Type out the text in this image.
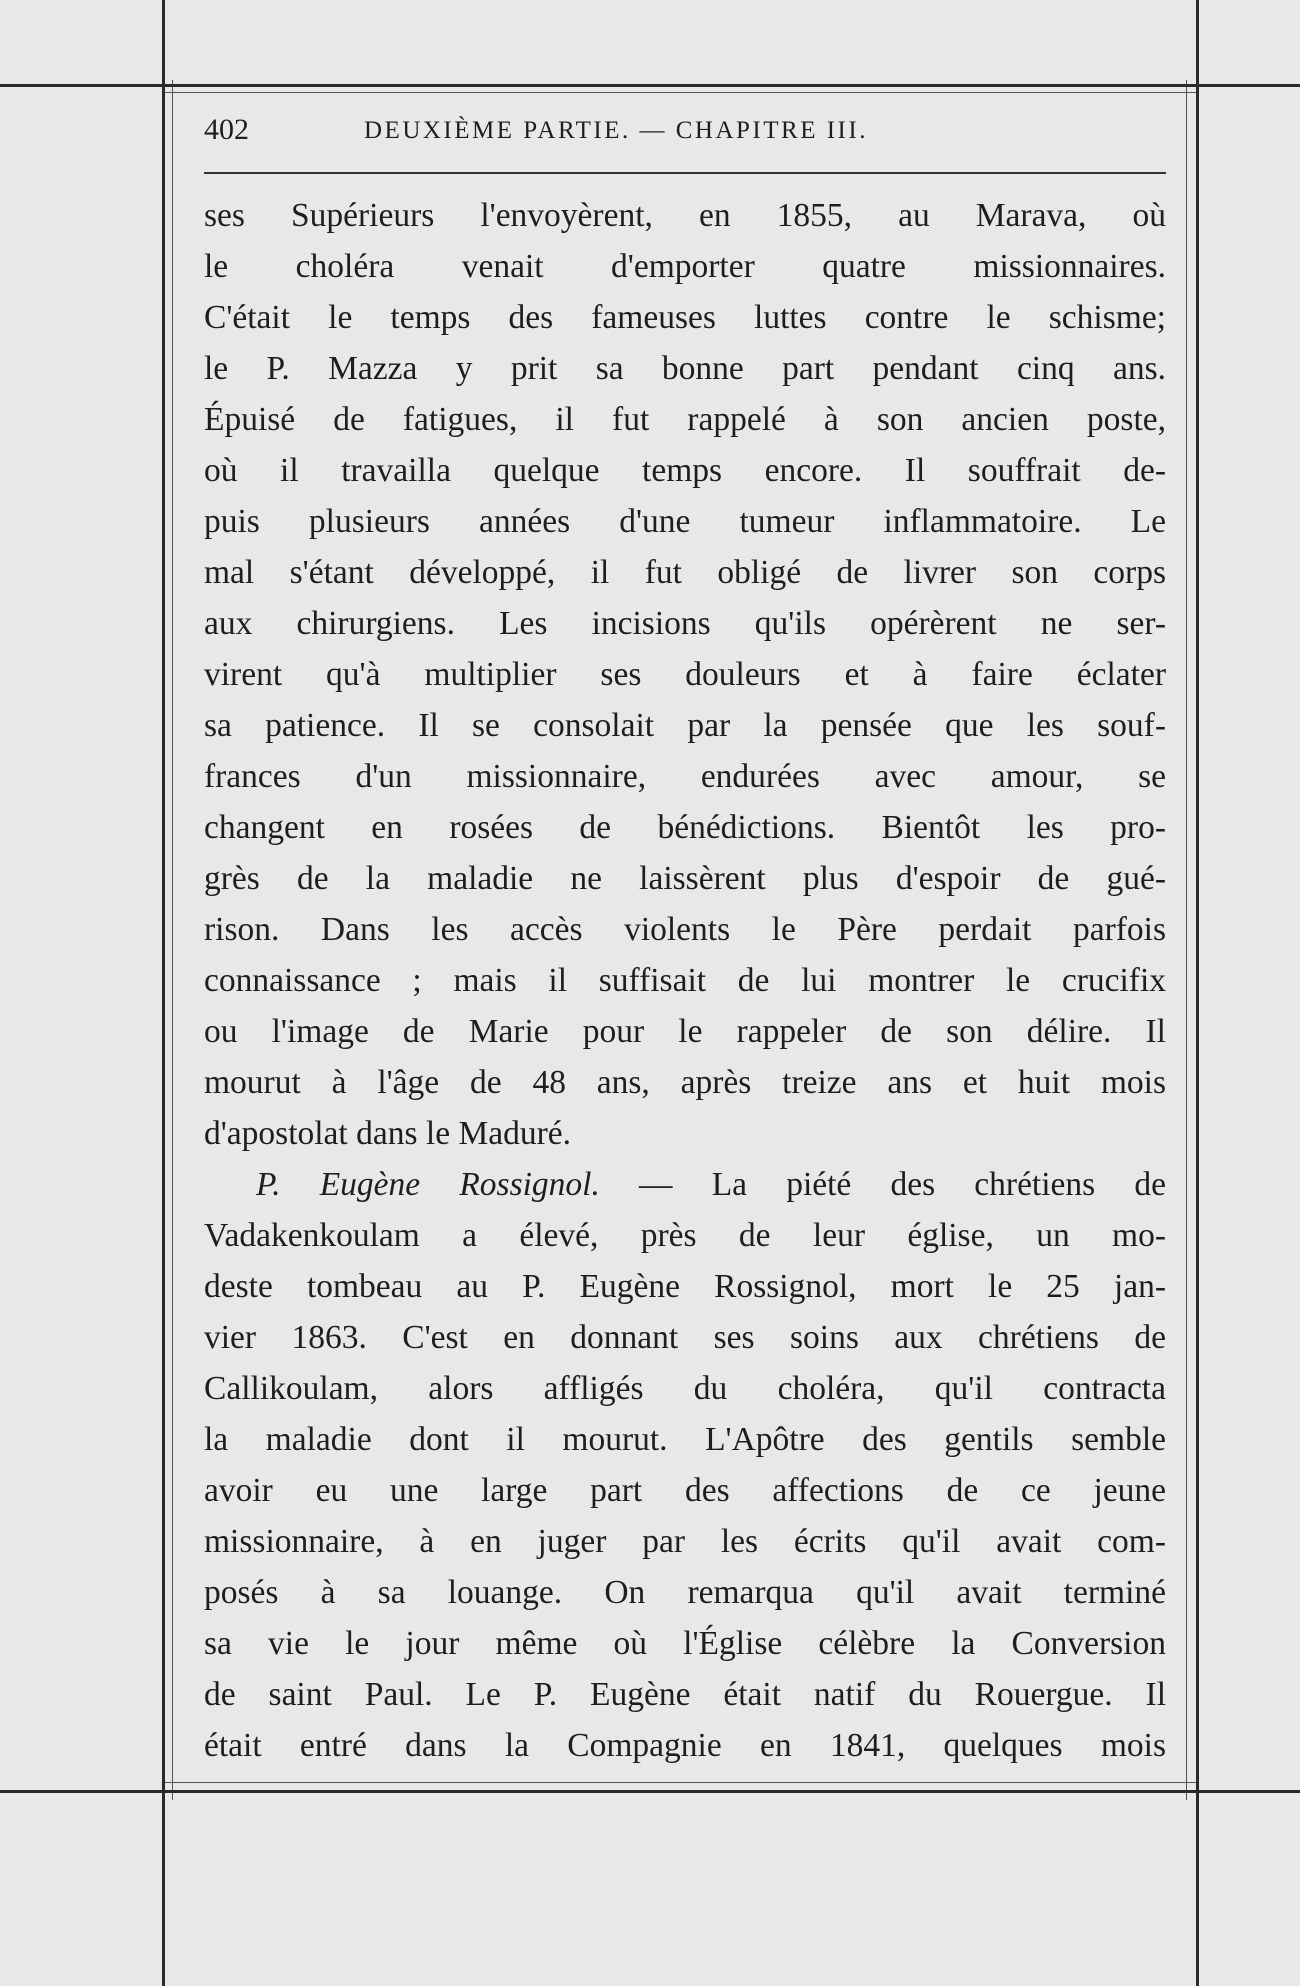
402	DEUXIÈME PARTIE. — CHAPITRE III.
ses Supérieurs l'envoyèrent, en 1855, au Marava, où
le choléra venait d'emporter quatre missionnaires.
C'était le temps des fameuses luttes contre le schisme;
le P. Mazza y prit sa bonne part pendant cinq ans.
Épuisé de fatigues, il fut rappelé à son ancien poste,
où il travailla quelque temps encore. Il souffrait de-
puis plusieurs années d'une tumeur inflammatoire. Le
mal s'étant développé, il fut obligé de livrer son corps
aux chirurgiens. Les incisions qu'ils opérèrent ne ser-
virent qu'à multiplier ses douleurs et à faire éclater
sa patience. Il se consolait par la pensée que les souf-
frances d'un missionnaire, endurées avec amour, se
changent en rosées de bénédictions. Bientôt les pro-
grès de la maladie ne laissèrent plus d'espoir de gué-
rison. Dans les accès violents le Père perdait parfois
connaissance ; mais il suffisait de lui montrer le crucifix
ou l'image de Marie pour le rappeler de son délire. Il
mourut à l'âge de 48 ans, après treize ans et huit mois
d'apostolat dans le Maduré.
P. Eugène Rossignol. — La piété des chrétiens de
Vadakenkoulam a élevé, près de leur église, un mo-
deste tombeau au P. Eugène Rossignol, mort le 25 jan-
vier 1863. C'est en donnant ses soins aux chrétiens de
Callikoulam, alors affligés du choléra, qu'il contracta
la maladie dont il mourut. L'Apôtre des gentils semble
avoir eu une large part des affections de ce jeune
missionnaire, à en juger par les écrits qu'il avait com-
posés à sa louange. On remarqua qu'il avait terminé
sa vie le jour même où l'Église célèbre la Conversion
de saint Paul. Le P. Eugène était natif du Rouergue. Il
était entré dans la Compagnie en 1841, quelques mois
